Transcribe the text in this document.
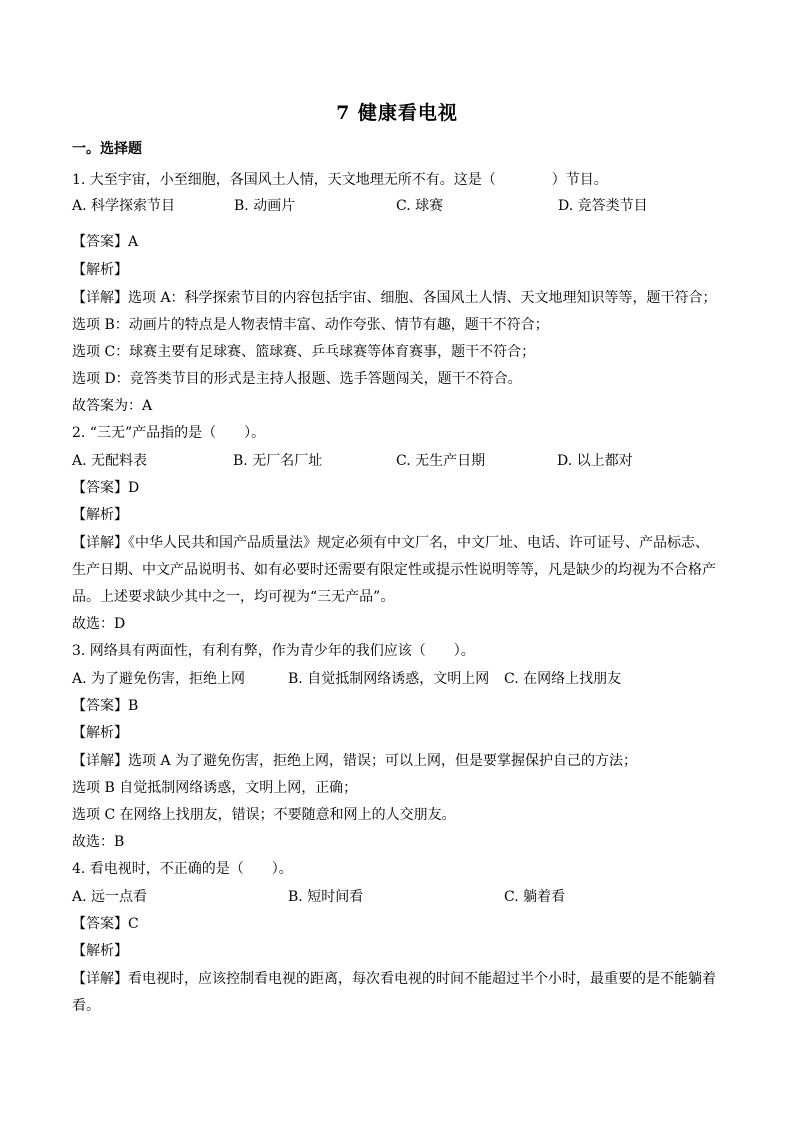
7 健康看电视
一。选择题
1. 大至宇宙，小至细胞，各国风土人情，天文地理无所不有。这是（　　　　）节目。
A. 科学探索节目	B. 动画片	C. 球赛	D. 竞答类节目
【答案】A
【解析】
【详解】选项 A：科学探索节目的内容包括宇宙、细胞、各国风土人情、天文地理知识等等，题干符合；
选项 B：动画片的特点是人物表情丰富、动作夸张、情节有趣，题干不符合；
选项 C：球赛主要有足球赛、篮球赛、乒乓球赛等体育赛事，题干不符合；
选项 D：竞答类节目的形式是主持人报题、选手答题闯关，题干不符合。
故答案为：A
2. “三无”产品指的是（　　）。
A. 无配料表	B. 无厂名厂址	C. 无生产日期	D. 以上都对
【答案】D
【解析】
【详解】《中华人民共和国产品质量法》规定必须有中文厂名，中文厂址、电话、许可证号、产品标志、
生产日期、中文产品说明书、如有必要时还需要有限定性或提示性说明等等，凡是缺少的均视为不合格产
品。上述要求缺少其中之一，均可视为“三无产品”。
故选：D
3. 网络具有两面性，有利有弊，作为青少年的我们应该（　　）。
A. 为了避免伤害，拒绝上网	B. 自觉抵制网络诱惑，文明上网 C. 在网络上找朋友
【答案】B
【解析】
【详解】选项 A 为了避免伤害，拒绝上网，错误；可以上网，但是要掌握保护自己的方法；
选项 B 自觉抵制网络诱惑，文明上网，正确；
选项 C 在网络上找朋友，错误；不要随意和网上的人交朋友。
故选：B
4. 看电视时，不正确的是（　　）。
A. 远一点看	B. 短时间看	C. 躺着看
【答案】C
【解析】
【详解】看电视时，应该控制看电视的距离，每次看电视的时间不能超过半个小时，最重要的是不能躺着
看。
